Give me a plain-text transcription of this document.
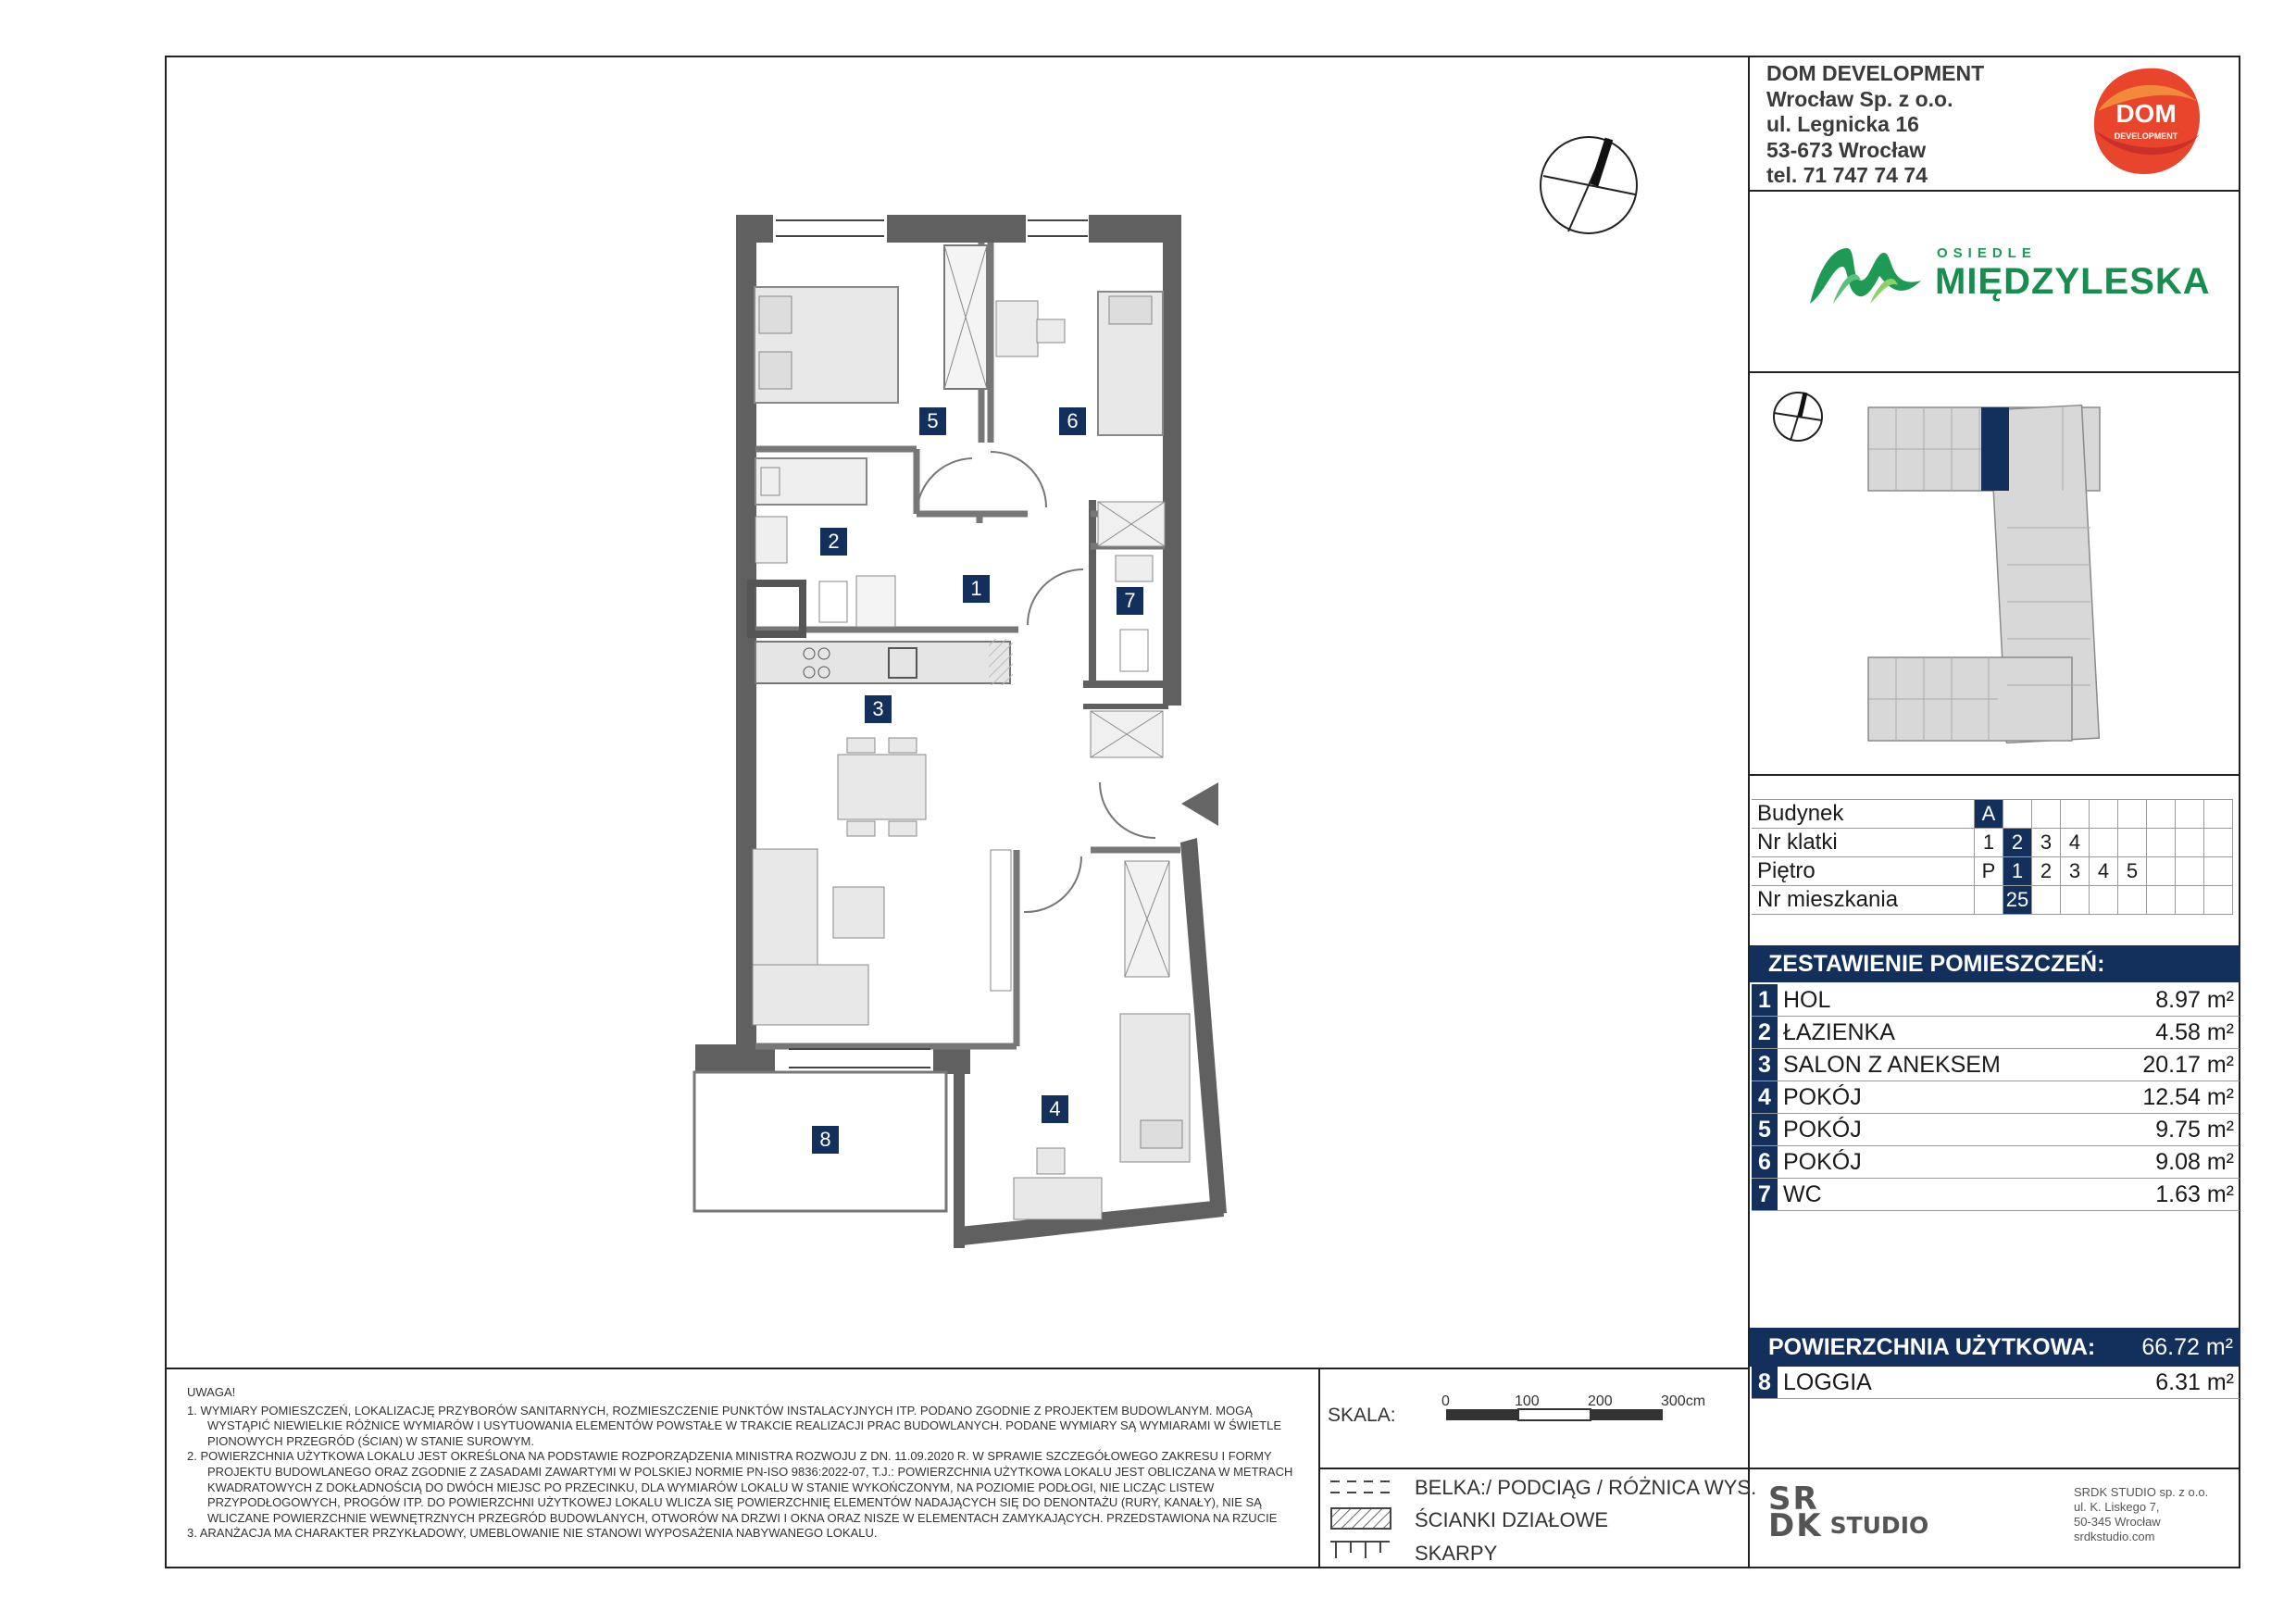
1
2
3
4
5	6
7
8
DOM DEVELOPMENT
Wrocław Sp. z o.o.
ul. Legnicka 16
53-673 Wrocław
tel. 71 747 74 74
DOM
DEVELOPMENT
OSIEDLE
MIĘDZYLESKA
Budynek	A								
Nr klatki	1	2	3	4					
Piętro	P	1	2	3	4	5			
Nr mieszkania		25							
ZESTAWIENIE POMIESZCZEŃ:
1	HOL	8.97 m²
2	ŁAZIENKA	4.58 m²
3	SALON Z ANEKSEM	20.17 m²
4	POKÓJ	12.54 m²
5	POKÓJ	9.75 m²
6	POKÓJ	9.08 m²
7	WC	1.63 m²
POWIERZCHNIA UŻYTKOWA: 66.72 m²
8	LOGGIA	6.31 m²

UWAGA!

1. WYMIARY POMIESZCZEŃ, LOKALIZACJĘ PRZYBORÓW SANITARNYCH, ROZMIESZCZENIE PUNKTÓW INSTALACYJNYCH ITP. PODANO ZGODNIE Z PROJEKTEM BUDOWLANYM. MOGĄ WYSTĄPIĆ NIEWIELKIE RÓŻNICE WYMIARÓW I USYTUOWANIA ELEMENTÓW POWSTAŁE W TRAKCIE REALIZACJI PRAC BUDOWLANYCH. PODANE WYMIARY SĄ WYMIARAMI W ŚWIETLE PIONOWYCH PRZEGRÓD (ŚCIAN) W STANIE SUROWYM.

2. POWIERZCHNIA UŻYTKOWA LOKALU JEST OKREŚLONA NA PODSTAWIE ROZPORZĄDZENIA MINISTRA ROZWOJU Z DN. 11.09.2020 R. W SPRAWIE SZCZEGÓŁOWEGO ZAKRESU I FORMY PROJEKTU BUDOWLANEGO ORAZ ZGODNIE Z ZASADAMI ZAWARTYMI W POLSKIEJ NORMIE PN-ISO 9836:2022-07, T.J.: POWIERZCHNIA UŻYTKOWA LOKALU JEST OBLICZANA W METRACH KWADRATOWYCH Z DOKŁADNOŚCIĄ DO DWÓCH MIEJSC PO PRZECINKU, DLA WYMIARÓW LOKALU W STANIE WYKOŃCZONYM, NA POZIOMIE PODŁOGI, NIE LICZĄC LISTEW PRZYPODŁOGOWYCH, PROGÓW ITP. DO POWIERZCHNI UŻYTKOWEJ LOKALU WLICZA SIĘ POWIERZCHNIĘ ELEMENTÓW NADAJĄCYCH SIĘ DO DENONTAŻU (RURY, KANAŁY), NIE SĄ WLICZANE POWIERZCHNIE WEWNĘTRZNYCH PRZEGRÓD BUDOWLANYCH, OTWORÓW NA DRZWI I OKNA ORAZ NISZE W ELEMENTACH ZAMYKAJĄCYCH. PRZEDSTAWIONA NA RZUCIE

3. ARANŻACJA MA CHARAKTER PRZYKŁADOWY, UMEBLOWANIE NIE STANOWI WYPOSAŻENIA NABYWANEGO LOKALU.

SKALA:
0	100	200	300cm
BELKA:/ PODCIĄG / RÓŻNICA WYS.
ŚCIANKI DZIAŁOWE
SKARPY
SR
DK STUDIO
SRDK STUDIO sp. z o.o.
ul. K. Liskego 7,
50-345 Wrocław
srdkstudio.com
